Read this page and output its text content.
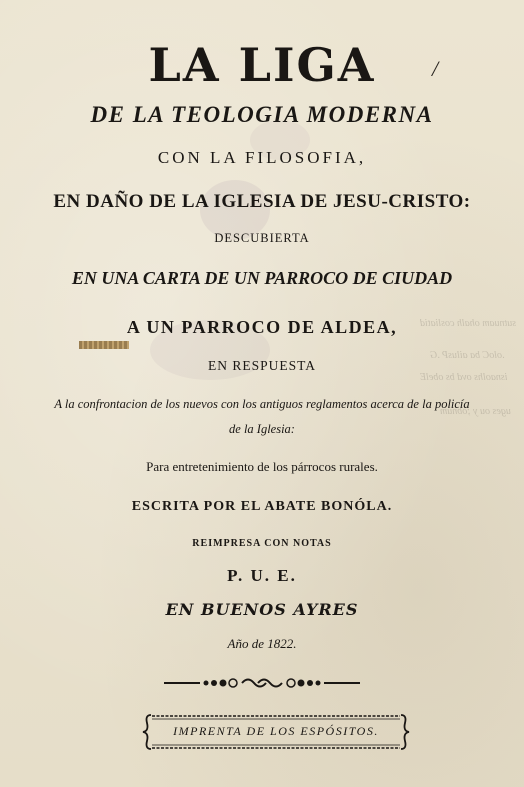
sutnuam ohalh cosliatid
.oloC ba ailusP .G
isnaolhs ovd bs obelE
uges ou y ;obnum
LA LIGA	/
DE LA TEOLOGIA MODERNA
CON LA FILOSOFIA,
EN DAÑO DE LA IGLESIA DE JESU-CRISTO:
DESCUBIERTA
EN UNA CARTA DE UN PARROCO DE CIUDAD
A UN PARROCO DE ALDEA,
EN RESPUESTA
A la confrontacion de los nuevos con los antiguos reglamentos acerca de la policía
de la Iglesia:
Para entretenimiento de los párrocos rurales.
ESCRITA POR EL ABATE BONÓLA.
REIMPRESA CON NOTAS
P. U. E.
EN BUENOS AYRES
Año de 1822.
IMPRENTA DE LOS ESPÓSITOS.
